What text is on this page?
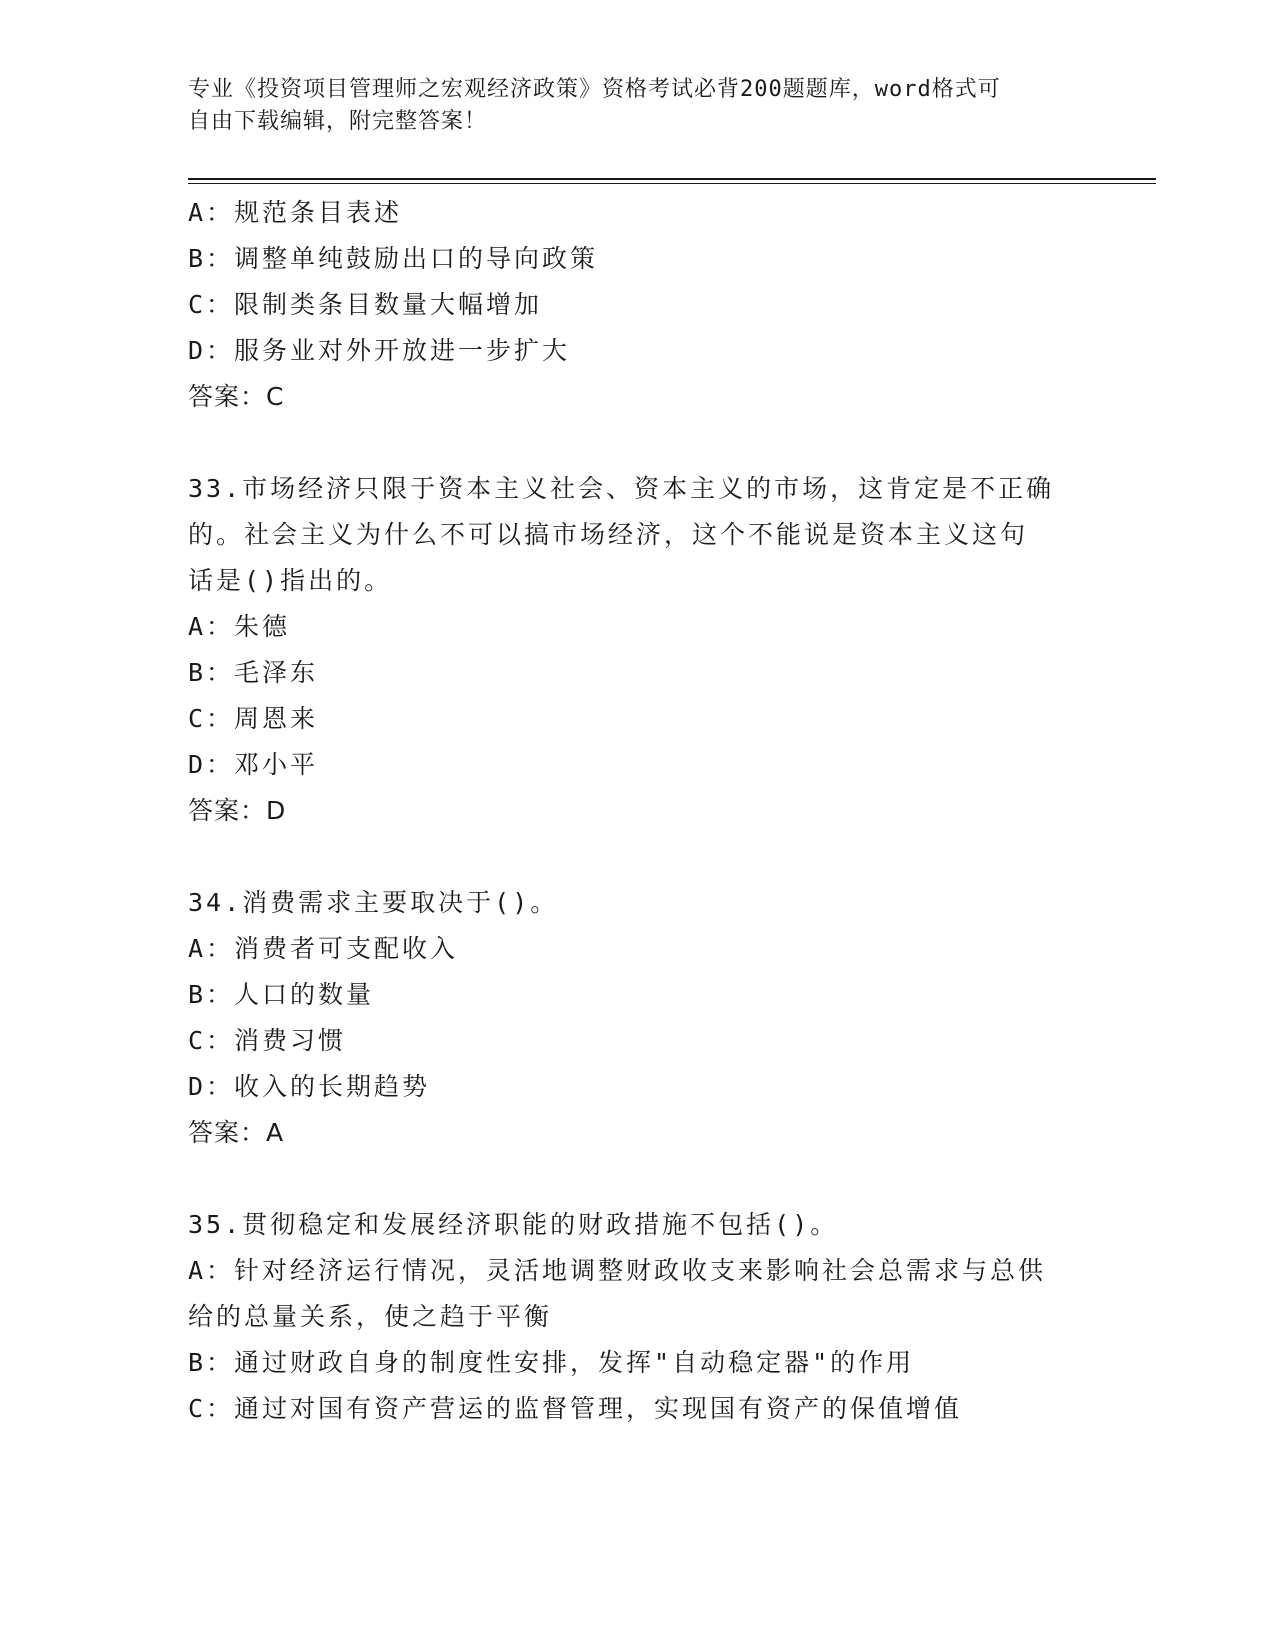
专业《投资项目管理师之宏观经济政策》资格考试必背200题题库，word格式可
自由下载编辑，附完整答案！
A：规范条目表述
B：调整单纯鼓励出口的导向政策
C：限制类条目数量大幅增加
D：服务业对外开放进一步扩大
答案：C
33.市场经济只限于资本主义社会、资本主义的市场，这肯定是不正确
的。社会主义为什么不可以搞市场经济，这个不能说是资本主义这句
话是()指出的。
A：朱德
B：毛泽东
C：周恩来
D：邓小平
答案：D
34.消费需求主要取决于()。
A：消费者可支配收入
B：人口的数量
C：消费习惯
D：收入的长期趋势
答案：A
35.贯彻稳定和发展经济职能的财政措施不包括()。
A：针对经济运行情况，灵活地调整财政收支来影响社会总需求与总供
给的总量关系，使之趋于平衡
B：通过财政自身的制度性安排，发挥"自动稳定器"的作用
C：通过对国有资产营运的监督管理，实现国有资产的保值增值
